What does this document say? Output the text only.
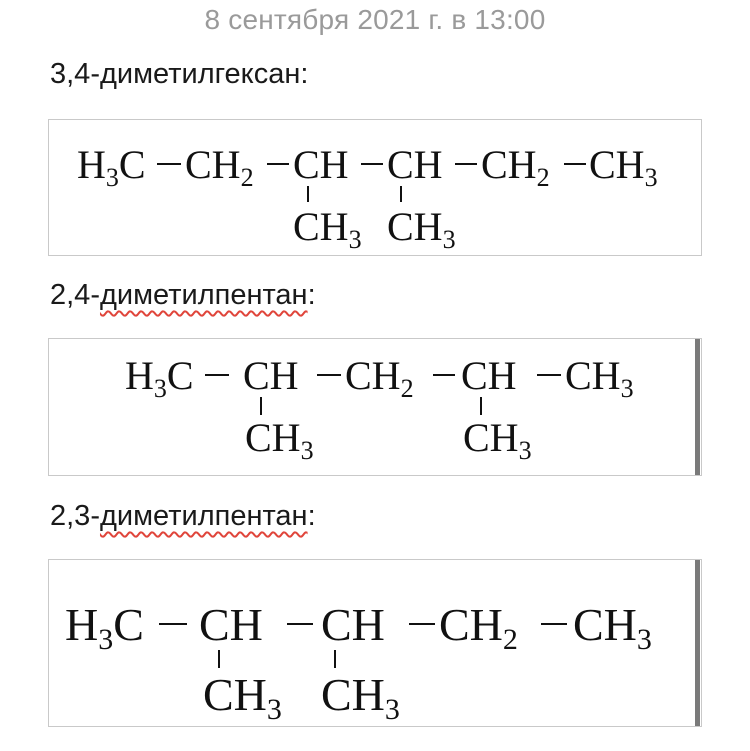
8 сентября 2021 г. в 13:00
3,4-диметилгексан:
$H_3C$ $CH_2$ CH CH $CH_2$ $CH_3$
$CH_3$ $CH_3$
2,4-диметилпентан:
$H_3C$ CH $CH_2$ CH $CH_3$
$CH_3$	$CH_3$
2,3-диметилпентан:
H3C CH CH CH2 CH3
CH3 CH3
